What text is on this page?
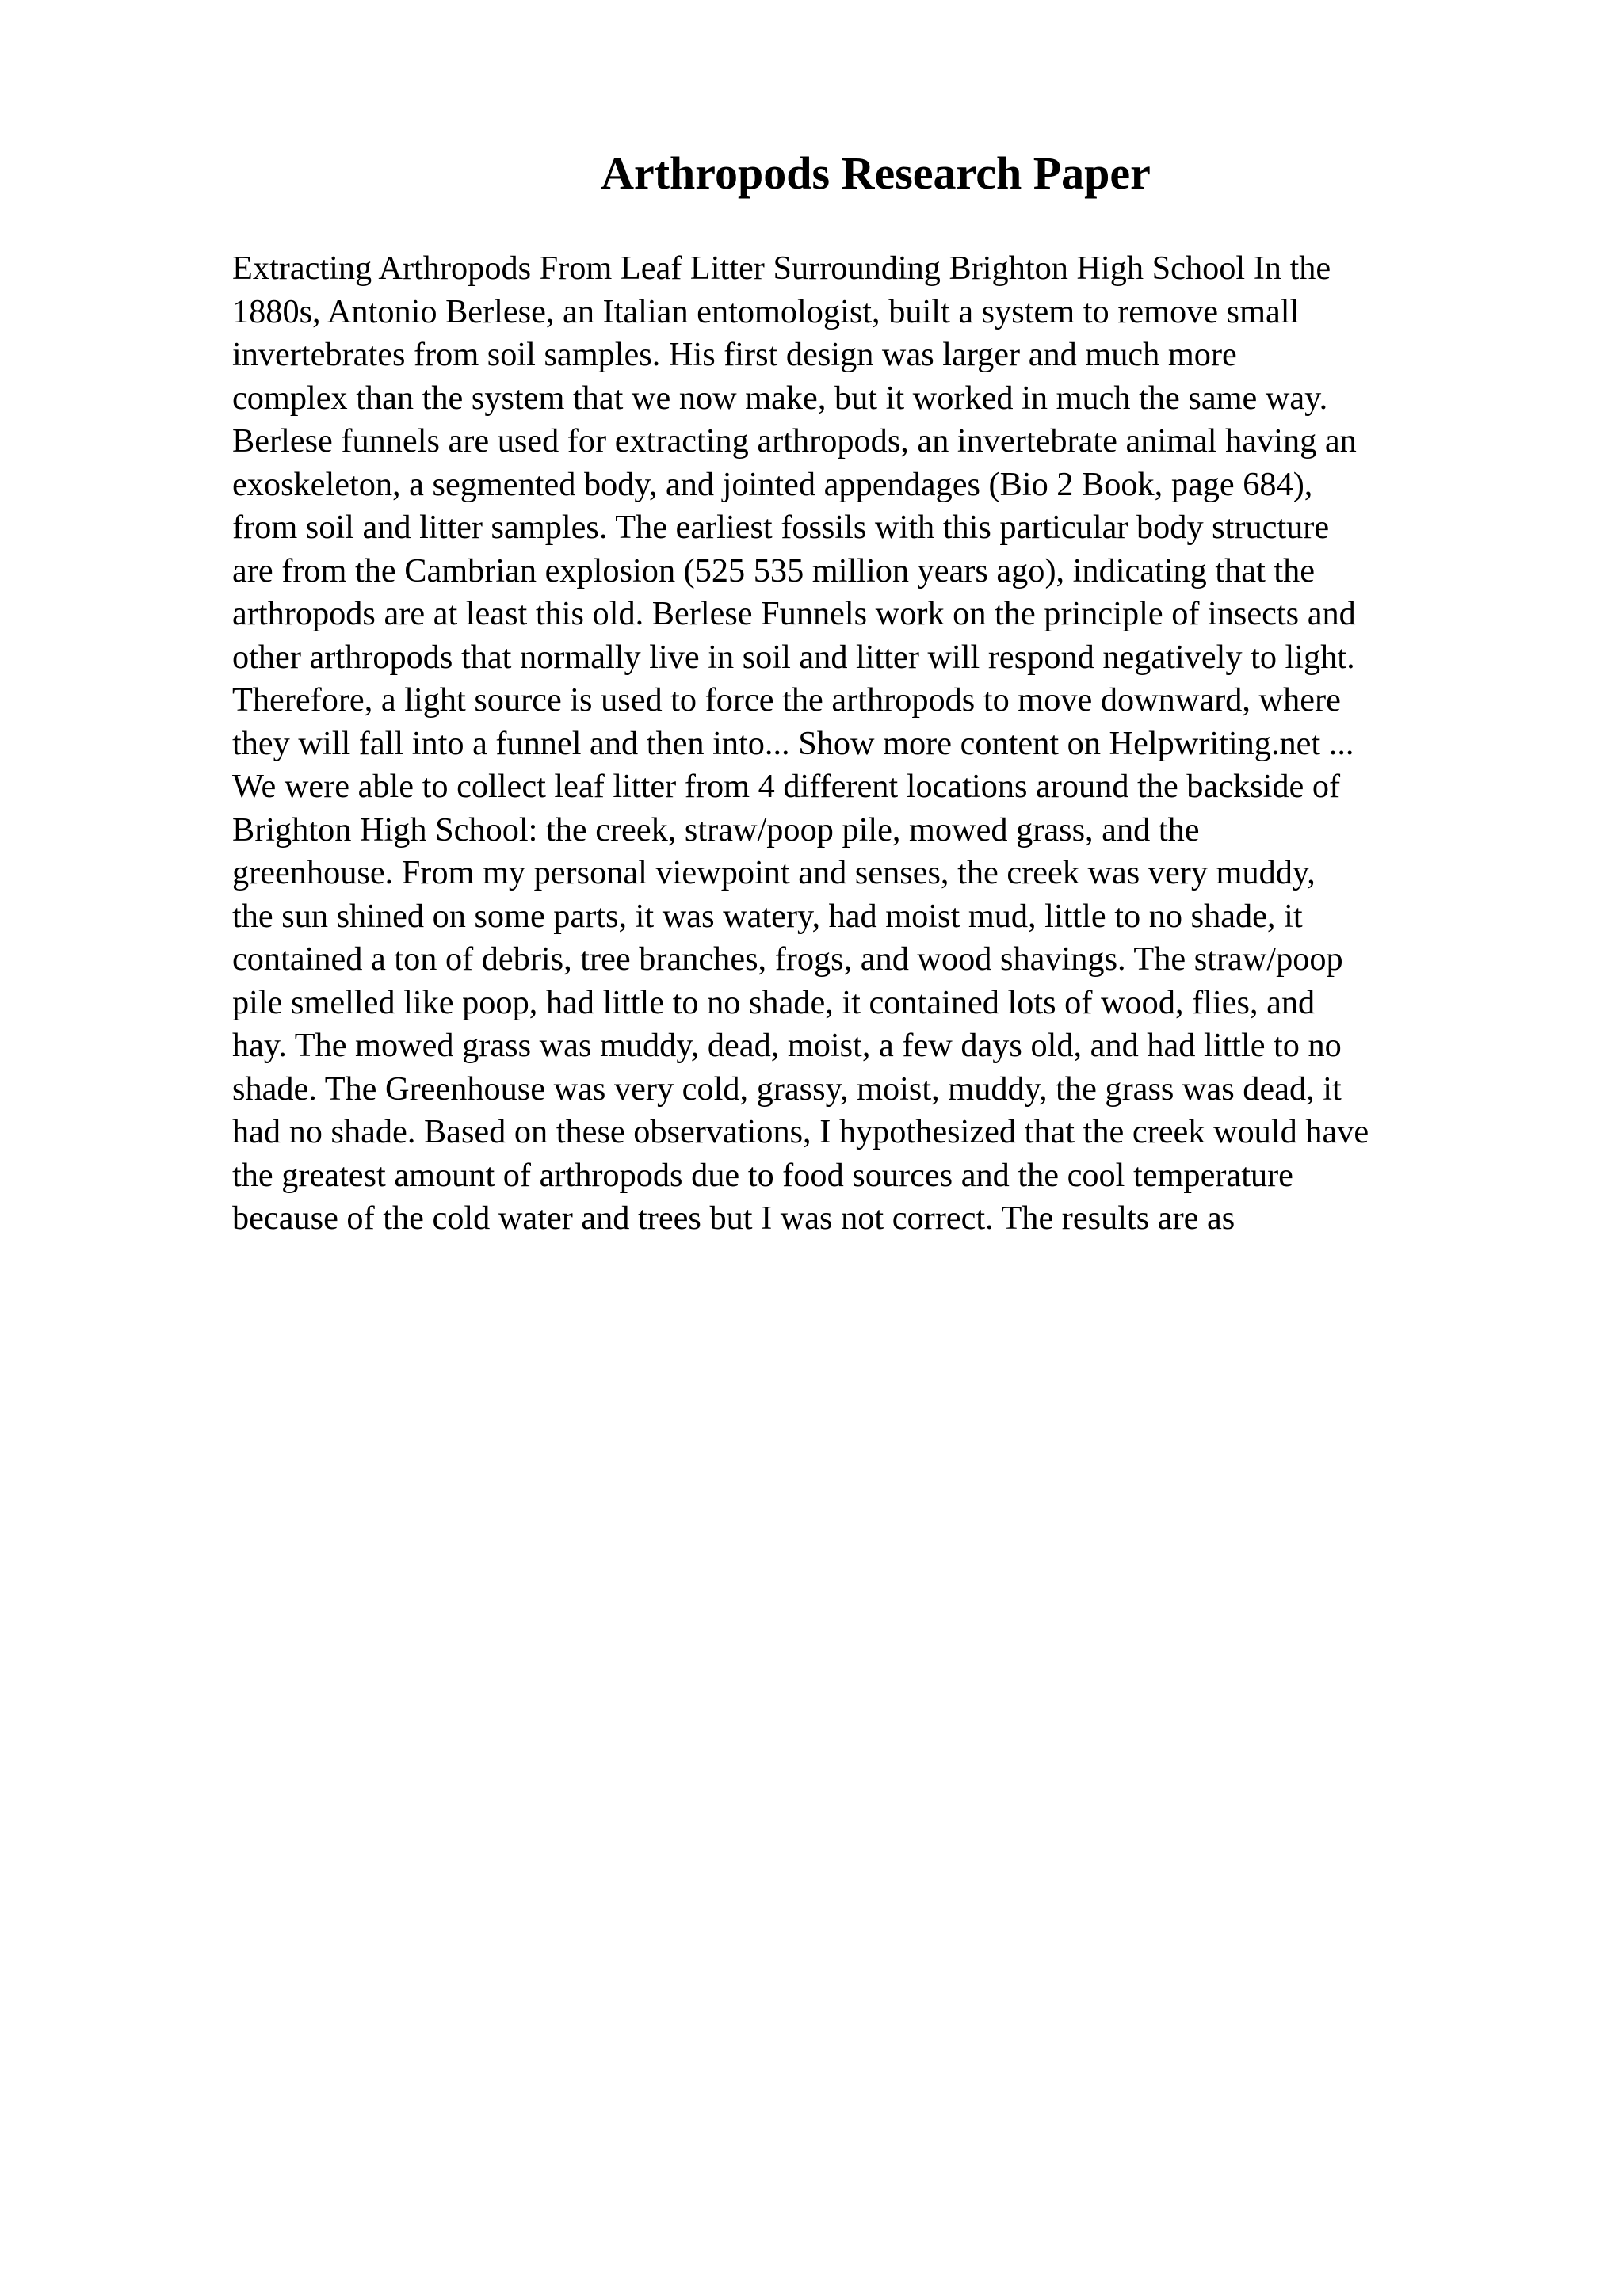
Arthropods Research Paper
Extracting Arthropods From Leaf Litter Surrounding Brighton High School In the
1880s, Antonio Berlese, an Italian entomologist, built a system to remove small
invertebrates from soil samples. His first design was larger and much more
complex than the system that we now make, but it worked in much the same way.
Berlese funnels are used for extracting arthropods, an invertebrate animal having an
exoskeleton, a segmented body, and jointed appendages (Bio 2 Book, page 684),
from soil and litter samples. The earliest fossils with this particular body structure
are from the Cambrian explosion (525 535 million years ago), indicating that the
arthropods are at least this old. Berlese Funnels work on the principle of insects and
other arthropods that normally live in soil and litter will respond negatively to light.
Therefore, a light source is used to force the arthropods to move downward, where
they will fall into a funnel and then into... Show more content on Helpwriting.net ...
We were able to collect leaf litter from 4 different locations around the backside of
Brighton High School: the creek, straw/poop pile, mowed grass, and the
greenhouse. From my personal viewpoint and senses, the creek was very muddy,
the sun shined on some parts, it was watery, had moist mud, little to no shade, it
contained a ton of debris, tree branches, frogs, and wood shavings. The straw/poop
pile smelled like poop, had little to no shade, it contained lots of wood, flies, and
hay. The mowed grass was muddy, dead, moist, a few days old, and had little to no
shade. The Greenhouse was very cold, grassy, moist, muddy, the grass was dead, it
had no shade. Based on these observations, I hypothesized that the creek would have
the greatest amount of arthropods due to food sources and the cool temperature
because of the cold water and trees but I was not correct. The results are as
